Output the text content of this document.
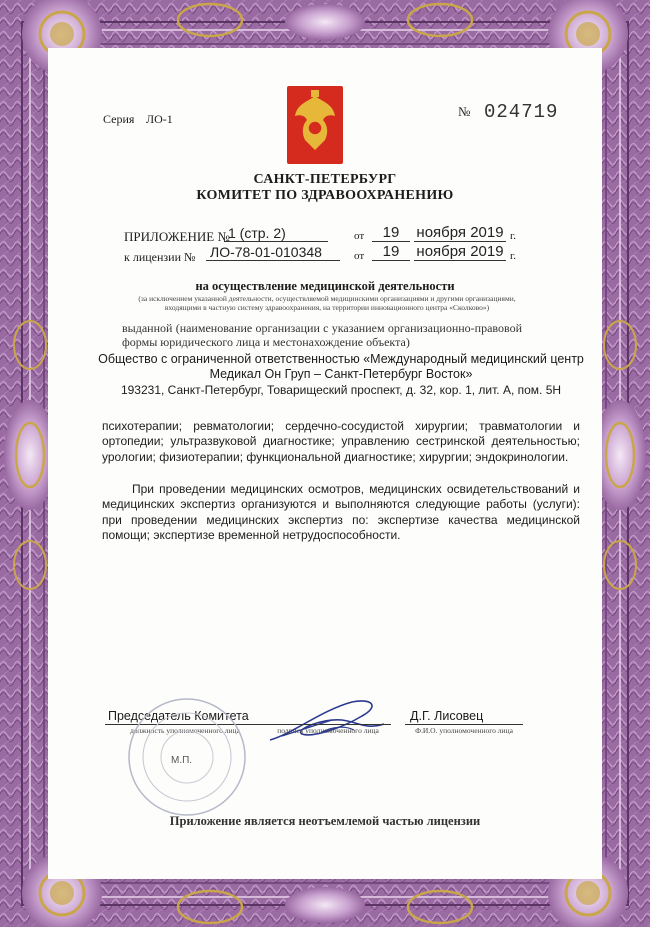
Серия ЛО-1	№ 024719
САНКТ-ПЕТЕРБУРГ
КОМИТЕТ ПО ЗДРАВООХРАНЕНИЮ
ПРИЛОЖЕНИЕ №
1 (стр. 2)	от	19	ноября 2019 г.
к лицензии № ЛО-78-01-010348	от	19	ноября 2019 г.
на осуществление медицинской деятельности
(за исключением указанной деятельности, осуществляемой медицинскими организациями и другими организациями, входящими в частную систему здравоохранения, на территории инновационного центра «Сколково»)
выданной (наименование организации с указанием организационно-правовой формы юридического лица и местонахождение объекта)
Общество с ограниченной ответственностью «Международный медицинский центр
Медикал Он Груп – Санкт-Петербург Восток»
193231, Санкт-Петербург, Товарищеский проспект, д. 32, кор. 1, лит. А, пом. 5Н

психотерапии; ревматологии; сердечно-сосудистой хирургии; травматологии и ортопедии; ультразвуковой диагностике; управлению сестринской деятельностью; урологии; физиотерапии; функциональной диагностике; хирургии; эндокринологии.

При проведении медицинских осмотров, медицинских освидетельствований и медицинских экспертиз организуются и выполняются следующие работы (услуги): при проведении медицинских экспертиз по: экспертизе качества медицинской помощи; экспертизе временной нетрудоспособности.

Председатель Комитета
должность уполномоченного лица	подпись уполномоченного лица
Д.Г. Лисовец
Ф.И.О. уполномоченного лица
М.П.
Приложение является неотъемлемой частью лицензии
